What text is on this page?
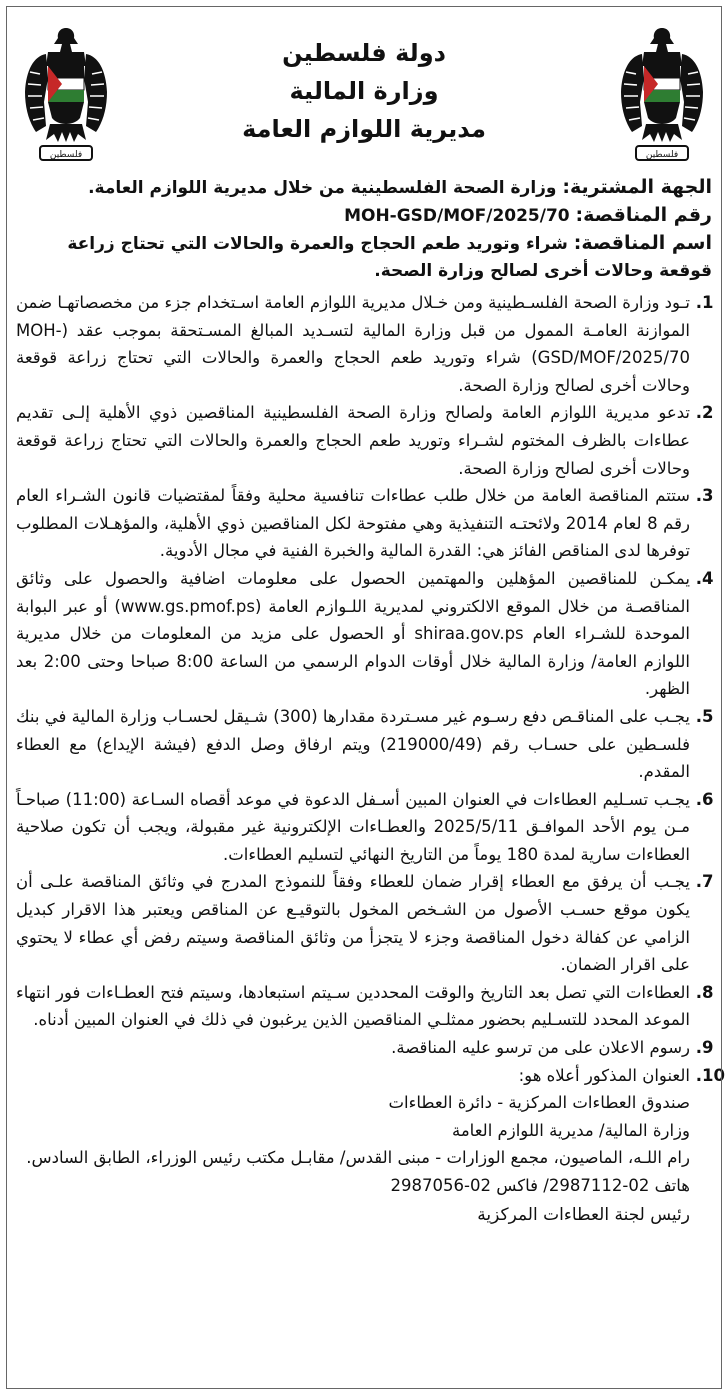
فلسطين
دولة فلسطين
وزارة المالية
مديرية اللوازم العامة
فلسطين
الجهة المشترية: وزارة الصحة الفلسطينية من خلال مديرية اللوازم العامة.
رقم المناقصة: MOH-GSD/MOF/2025/70
اسم المناقصة: شراء وتوريد طعم الحجاج والعمرة والحالات التي تحتاج زراعة قوقعة وحالات أخرى لصالح وزارة الصحة.
1. تـود وزارة الصحة الفلسـطينية ومن خـلال مديرية اللوازم العامة اسـتخدام جزء من مخصصاتهـا ضمن الموازنة العامـة الممول من قبل وزارة المالية لتسـديد المبالغ المسـتحقة بموجب عقد (MOH-GSD/MOF/2025/70) شراء وتوريد طعم الحجاج والعمرة والحالات التي تحتاج زراعة قوقعة وحالات أخرى لصالح وزارة الصحة.
2. تدعو مديرية اللوازم العامة ولصالح وزارة الصحة الفلسطينية المناقصين ذوي الأهلية إلـى تقديم عطاءات بالظرف المختوم لشـراء وتوريد طعم الحجاج والعمرة والحالات التي تحتاج زراعة قوقعة وحالات أخرى لصالح وزارة الصحة.
3. ستتم المناقصة العامة من خلال طلب عطاءات تنافسية محلية وفقاً لمقتضيات قانون الشـراء العام رقم 8 لعام 2014 ولائحتـه التنفيذية وهي مفتوحة لكل المناقصين ذوي الأهلية، والمؤهـلات المطلوب توفرها لدى المناقص الفائز هي: القدرة المالية والخبرة الفنية في مجال الأدوية.
4. يمكـن للمناقصين المؤهلين والمهتمين الحصول على معلومات اضافية والحصول على وثائق المناقصـة من خلال الموقع الالكتروني لمديرية اللـوازم العامة (www.gs.pmof.ps) أو عبر البوابة الموحدة للشـراء العام shiraa.gov.ps أو الحصول على مزيد من المعلومات من خلال مديرية اللوازم العامة/ وزارة المالية خلال أوقات الدوام الرسمي من الساعة 8:00 صباحا وحتى 2:00 بعد الظهر.
5. يجـب على المناقـص دفع رسـوم غير مسـتردة مقدارها (300) شـيقل لحسـاب وزارة المالية في بنك فلسـطين على حسـاب رقم (219000/49) ويتم ارفاق وصل الدفع (فيشة الإيداع) مع العطاء المقدم.
6. يجـب تسـليم العطاءات في العنوان المبين أسـفل الدعوة في موعد أقصاه السـاعة (11:00) صباحـاً مـن يوم الأحد الموافـق 2025/5/11 والعطـاءات الإلكترونية غير مقبولة، ويجب أن تكون صلاحية العطاءات سارية لمدة 180 يوماً من التاريخ النهائي لتسليم العطاءات.
7. يجـب أن يرفق مع العطاء إقرار ضمان للعطاء وفقاً للنموذج المدرج في وثائق المناقصة علـى أن يكون موقع حسـب الأصول من الشـخص المخول بالتوقيـع عن المناقص ويعتبر هذا الاقرار كبديل الزامي عن كفالة دخول المناقصة وجزء لا يتجزأ من وثائق المناقصة وسيتم رفض أي عطاء لا يحتوي على اقرار الضمان.
8. العطاءات التي تصل بعد التاريخ والوقت المحددين سـيتم استبعادها، وسيتم فتح العطـاءات فور انتهاء الموعد المحدد للتسـليم بحضور ممثلـي المناقصين الذين يرغبون في ذلك في العنوان المبين أدناه.
9. رسوم الاعلان على من ترسو عليه المناقصة.
10. العنوان المذكور أعلاه هو:
صندوق العطاءات المركزية - دائرة العطاءات
وزارة المالية/ مديرية اللوازم العامة
رام اللـه، الماصيون، مجمع الوزارات - مبنى القدس/ مقابـل مكتب رئيس الوزراء، الطابق السادس.
هاتف 02-2987112/ فاكس 02-2987056
رئيس لجنة العطاءات المركزية
